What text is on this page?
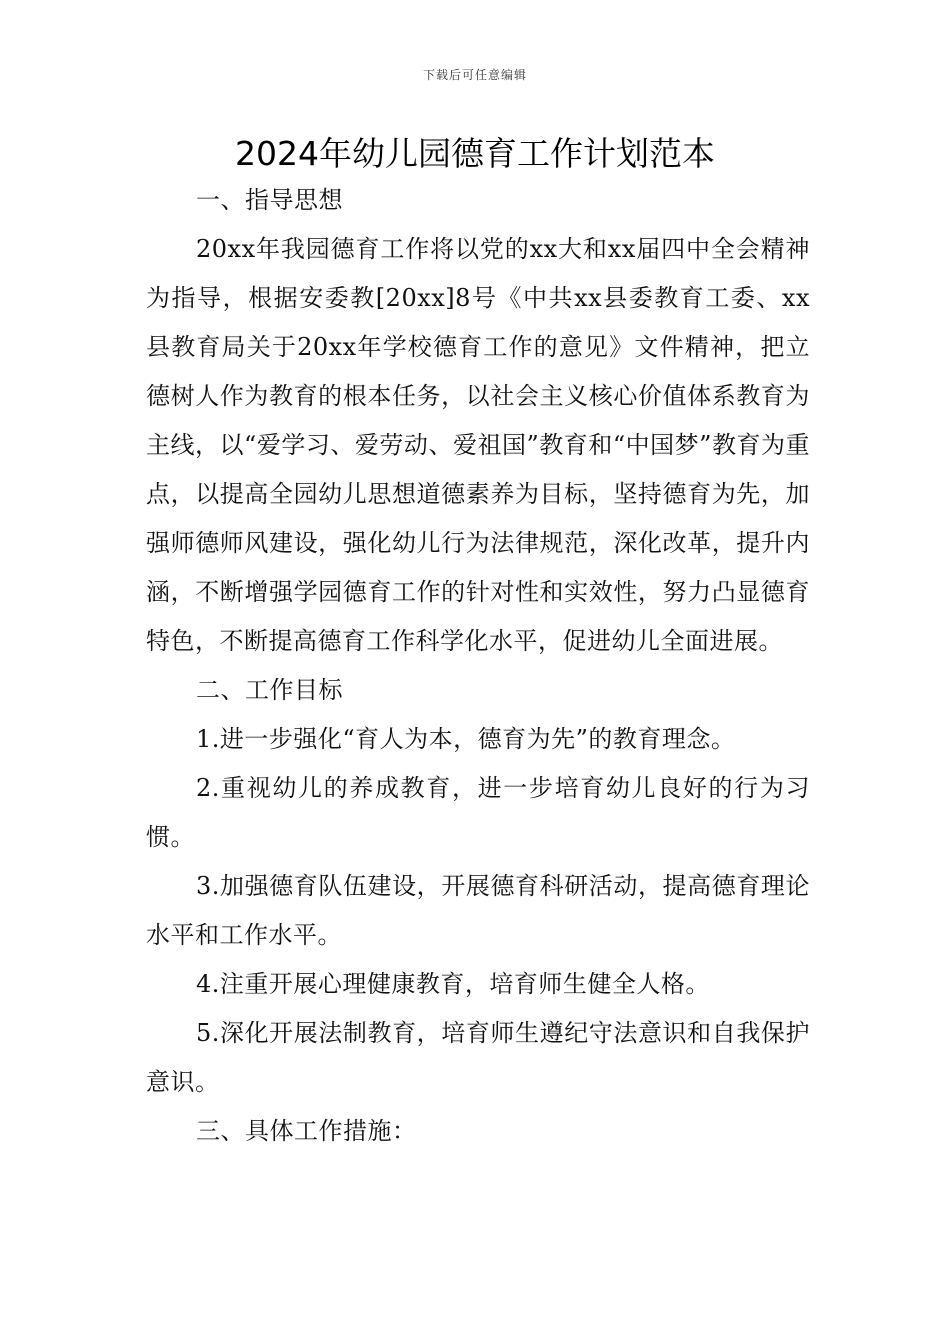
下载后可任意编辑
2024年幼儿园德育工作计划范本

一、指导思想

20xx年我园德育工作将以党的xx大和xx届四中全会精神为指导，根据安委教[20xx]8号《中共xx县委教育工委、xx县教育局关于20xx年学校德育工作的意见》文件精神，把立德树人作为教育的根本任务，以社会主义核心价值体系教育为主线，以“爱学习、爱劳动、爱祖国”教育和“中国梦”教育为重点，以提高全园幼儿思想道德素养为目标，坚持德育为先，加强师德师风建设，强化幼儿行为法律规范，深化改革，提升内涵，不断增强学园德育工作的针对性和实效性，努力凸显德育特色，不断提高德育工作科学化水平，促进幼儿全面进展。

二、工作目标

1.进一步强化“育人为本，德育为先”的教育理念。

2.重视幼儿的养成教育，进一步培育幼儿良好的行为习惯。

3.加强德育队伍建设，开展德育科研活动，提高德育理论水平和工作水平。

4.注重开展心理健康教育，培育师生健全人格。

5.深化开展法制教育，培育师生遵纪守法意识和自我保护意识。

三、具体工作措施：
